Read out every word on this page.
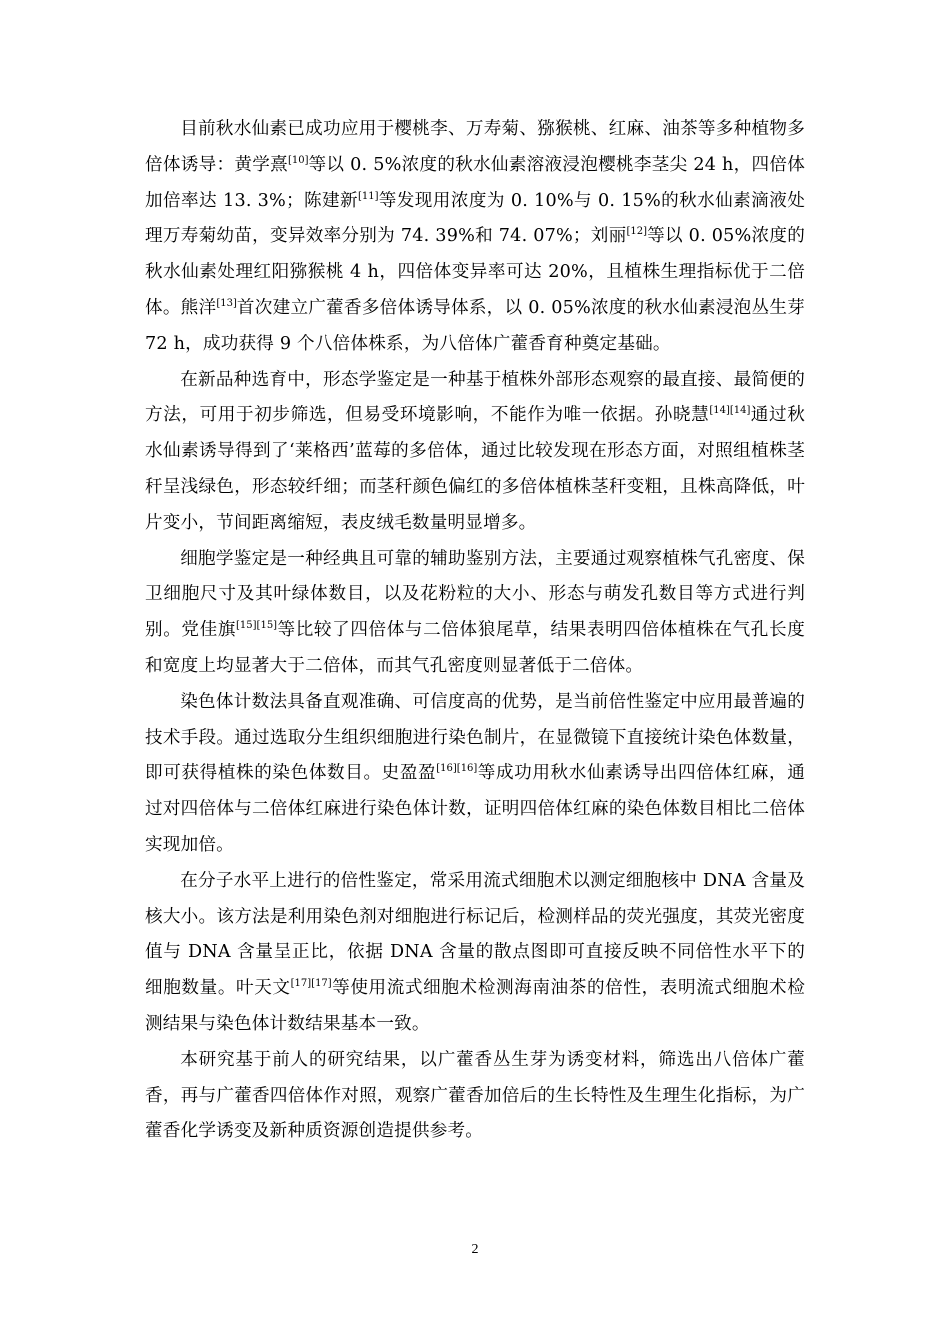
目前秋水仙素已成功应用于樱桃李、万寿菊、猕猴桃、红麻、油茶等多种植物多倍体诱导：黄学熹[10]等以 0. 5%浓度的秋水仙素溶液浸泡樱桃李茎尖 24 h，四倍体加倍率达 13. 3%；陈建新[11]等发现用浓度为 0. 10%与 0. 15%的秋水仙素滴液处理万寿菊幼苗，变异效率分别为 74. 39%和 74. 07%；刘丽[12]等以 0. 05%浓度的秋水仙素处理红阳猕猴桃 4 h，四倍体变异率可达 20%，且植株生理指标优于二倍体。熊洋[13]首次建立广藿香多倍体诱导体系，以 0. 05%浓度的秋水仙素浸泡丛生芽 72 h，成功获得 9 个八倍体株系，为八倍体广藿香育种奠定基础。

在新品种选育中，形态学鉴定是一种基于植株外部形态观察的最直接、最简便的方法，可用于初步筛选，但易受环境影响，不能作为唯一依据。孙晓慧[14][14]通过秋水仙素诱导得到了‘莱格西’蓝莓的多倍体，通过比较发现在形态方面，对照组植株茎秆呈浅绿色，形态较纤细；而茎秆颜色偏红的多倍体植株茎秆变粗，且株高降低，叶片变小，节间距离缩短，表皮绒毛数量明显增多。

细胞学鉴定是一种经典且可靠的辅助鉴别方法，主要通过观察植株气孔密度、保卫细胞尺寸及其叶绿体数目，以及花粉粒的大小、形态与萌发孔数目等方式进行判别。党佳旗[15][15]等比较了四倍体与二倍体狼尾草，结果表明四倍体植株在气孔长度和宽度上均显著大于二倍体，而其气孔密度则显著低于二倍体。

染色体计数法具备直观准确、可信度高的优势，是当前倍性鉴定中应用最普遍的技术手段。通过选取分生组织细胞进行染色制片，在显微镜下直接统计染色体数量，即可获得植株的染色体数目。史盈盈[16][16]等成功用秋水仙素诱导出四倍体红麻，通过对四倍体与二倍体红麻进行染色体计数，证明四倍体红麻的染色体数目相比二倍体实现加倍。

在分子水平上进行的倍性鉴定，常采用流式细胞术以测定细胞核中 DNA 含量及核大小。该方法是利用染色剂对细胞进行标记后，检测样品的荧光强度，其荧光密度值与 DNA 含量呈正比，依据 DNA 含量的散点图即可直接反映不同倍性水平下的细胞数量。叶天文[17][17]等使用流式细胞术检测海南油茶的倍性，表明流式细胞术检测结果与染色体计数结果基本一致。

本研究基于前人的研究结果，以广藿香丛生芽为诱变材料，筛选出八倍体广藿香，再与广藿香四倍体作对照，观察广藿香加倍后的生长特性及生理生化指标，为广藿香化学诱变及新种质资源创造提供参考。

2
